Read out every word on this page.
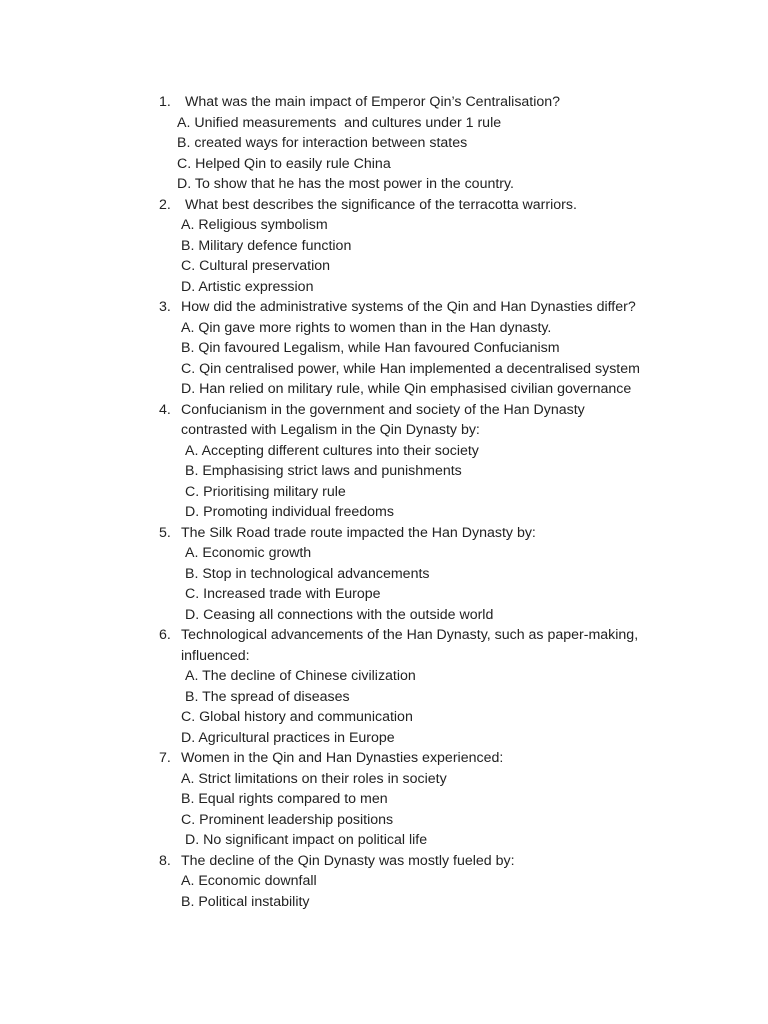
1. What was the main impact of Emperor Qin’s Centralisation?
A. Unified measurements  and cultures under 1 rule
B. created ways for interaction between states
C. Helped Qin to easily rule China
D. To show that he has the most power in the country.
2. What best describes the significance of the terracotta warriors.
A. Religious symbolism
B. Military defence function
C. Cultural preservation
D. Artistic expression
3. How did the administrative systems of the Qin and Han Dynasties differ?
A. Qin gave more rights to women than in the Han dynasty.
B. Qin favoured Legalism, while Han favoured Confucianism
C. Qin centralised power, while Han implemented a decentralised system
D. Han relied on military rule, while Qin emphasised civilian governance
4. Confucianism in the government and society of the Han Dynasty
contrasted with Legalism in the Qin Dynasty by:
A. Accepting different cultures into their society
B. Emphasising strict laws and punishments
C. Prioritising military rule
D. Promoting individual freedoms
5. The Silk Road trade route impacted the Han Dynasty by:
A. Economic growth
B. Stop in technological advancements
C. Increased trade with Europe
D. Ceasing all connections with the outside world
6. Technological advancements of the Han Dynasty, such as paper-making,
influenced:
A. The decline of Chinese civilization
B. The spread of diseases
C. Global history and communication
D. Agricultural practices in Europe
7. Women in the Qin and Han Dynasties experienced:
A. Strict limitations on their roles in society
B. Equal rights compared to men
C. Prominent leadership positions
D. No significant impact on political life
8. The decline of the Qin Dynasty was mostly fueled by:
A. Economic downfall
B. Political instability
